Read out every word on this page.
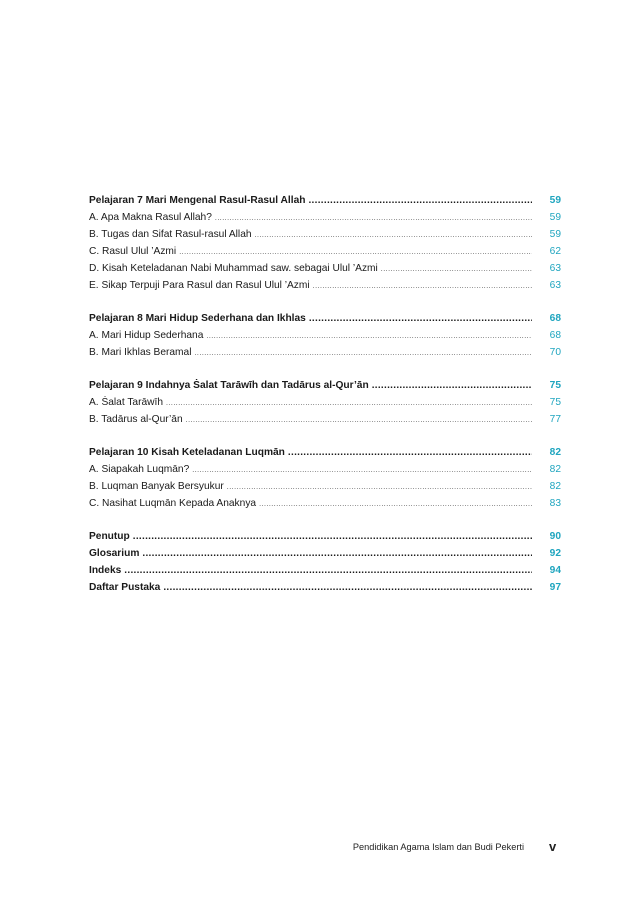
Pelajaran 7 Mari Mengenal Rasul-Rasul Allah .....	59
A. Apa Makna Rasul Allah? .....	59
B. Tugas dan Sifat Rasul-rasul Allah .....	59
C. Rasul Ulul ’Azmi .....	62
D. Kisah Keteladanan Nabi Muhammad saw. sebagai Ulul ’Azmi .....	63
E. Sikap Terpuji Para Rasul dan Rasul Ulul ’Azmi .....	63
Pelajaran 8 Mari Hidup Sederhana dan Ikhlas .....	68
A. Mari Hidup Sederhana .....	68
B. Mari Ikhlas Beramal .....	70
Pelajaran 9 Indahnya Ṡalat Tarāwīh dan Tadārus al-Qur’ān .....	75
A. Ṡalat Tarāwīh .....	75
B. Tadārus al-Qur’ān .....	77
Pelajaran 10 Kisah Keteladanan Luqmān .....	82
A. Siapakah Luqmān? .....	82
B. Luqman Banyak Bersyukur .....	82
C. Nasihat Luqmān Kepada Anaknya .....	83
Penutup .....	90
Glosarium .....	92
Indeks .....	94
Daftar Pustaka .....	97
Pendidikan Agama Islam dan Budi Pekerti v
